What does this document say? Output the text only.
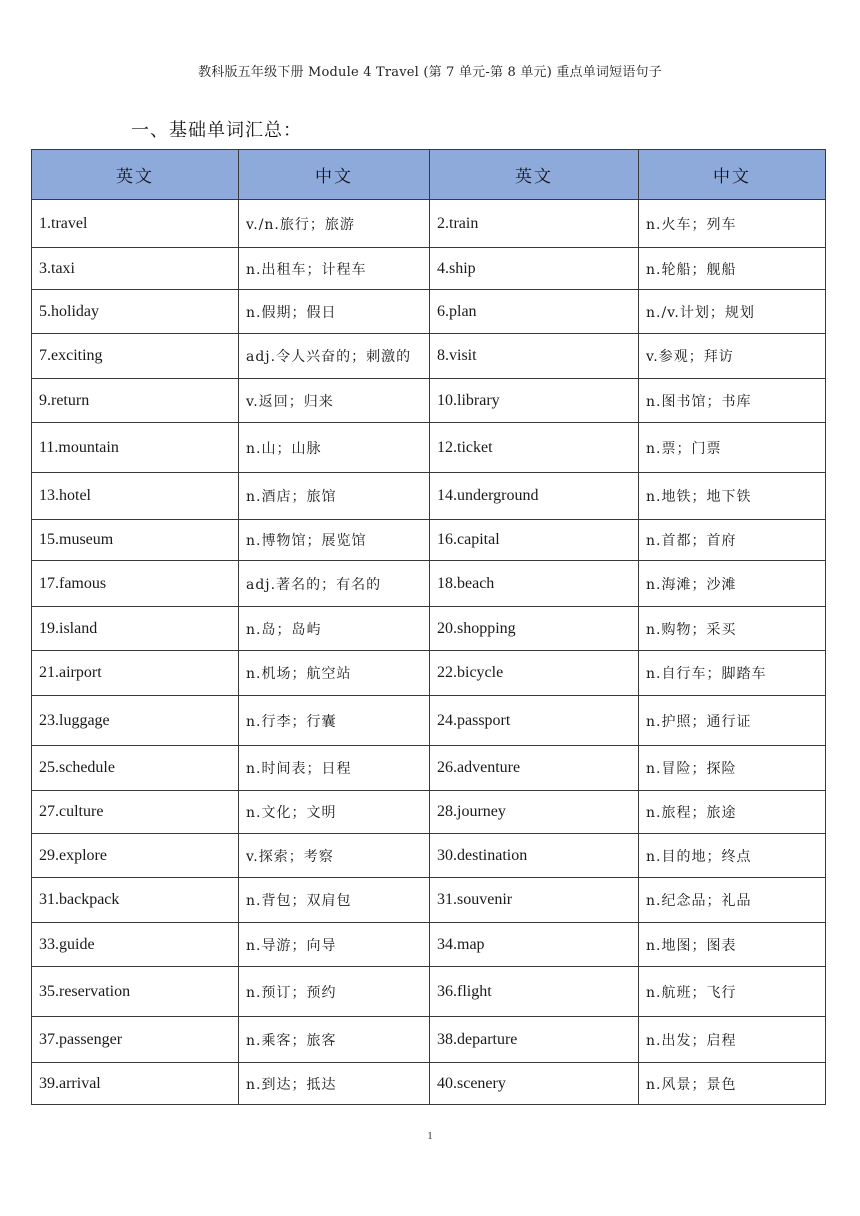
教科版五年级下册 Module 4 Travel (第 7 单元-第 8 单元) 重点单词短语句子
一、基础单词汇总：
英文	中文	英文	中文
1.travel	v./n.旅行；旅游	2.train	n.火车；列车
3.taxi	n.出租车；计程车	4.ship	n.轮船；舰船
5.holiday	n.假期；假日	6.plan	n./v.计划；规划
7.exciting	adj.令人兴奋的；刺激的	8.visit	v.参观；拜访
9.return	v.返回；归来	10.library	n.图书馆；书库
11.mountain	n.山；山脉	12.ticket	n.票；门票
13.hotel	n.酒店；旅馆	14.underground	n.地铁；地下铁
15.museum	n.博物馆；展览馆	16.capital	n.首都；首府
17.famous	adj.著名的；有名的	18.beach	n.海滩；沙滩
19.island	n.岛；岛屿	20.shopping	n.购物；采买
21.airport	n.机场；航空站	22.bicycle	n.自行车；脚踏车
23.luggage	n.行李；行囊	24.passport	n.护照；通行证
25.schedule	n.时间表；日程	26.adventure	n.冒险；探险
27.culture	n.文化；文明	28.journey	n.旅程；旅途
29.explore	v.探索；考察	30.destination	n.目的地；终点
31.backpack	n.背包；双肩包	31.souvenir	n.纪念品；礼品
33.guide	n.导游；向导	34.map	n.地图；图表
35.reservation	n.预订；预约	36.flight	n.航班；飞行
37.passenger	n.乘客；旅客	38.departure	n.出发；启程
39.arrival	n.到达；抵达	40.scenery	n.风景；景色
1
